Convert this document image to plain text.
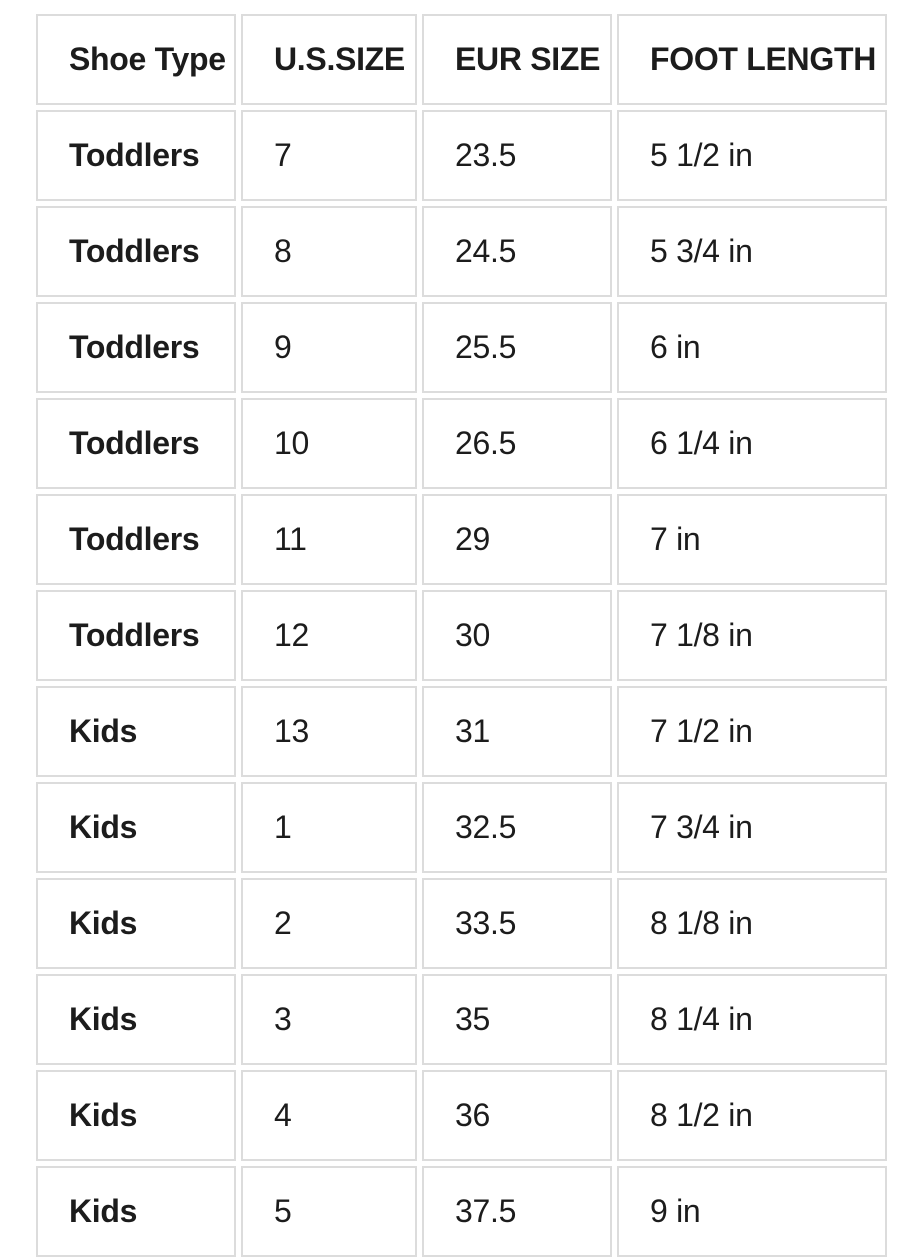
Shoe Type	U.S.SIZE	EUR SIZE	FOOT LENGTH
Toddlers	7	23.5	5 1/2 in
Toddlers	8	24.5	5 3/4 in
Toddlers	9	25.5	6 in
Toddlers	10	26.5	6 1/4 in
Toddlers	11	29	7 in
Toddlers	12	30	7 1/8 in
Kids	13	31	7 1/2 in
Kids	1	32.5	7 3/4 in
Kids	2	33.5	8 1/8 in
Kids	3	35	8 1/4 in
Kids	4	36	8 1/2 in
Kids	5	37.5	9 in
